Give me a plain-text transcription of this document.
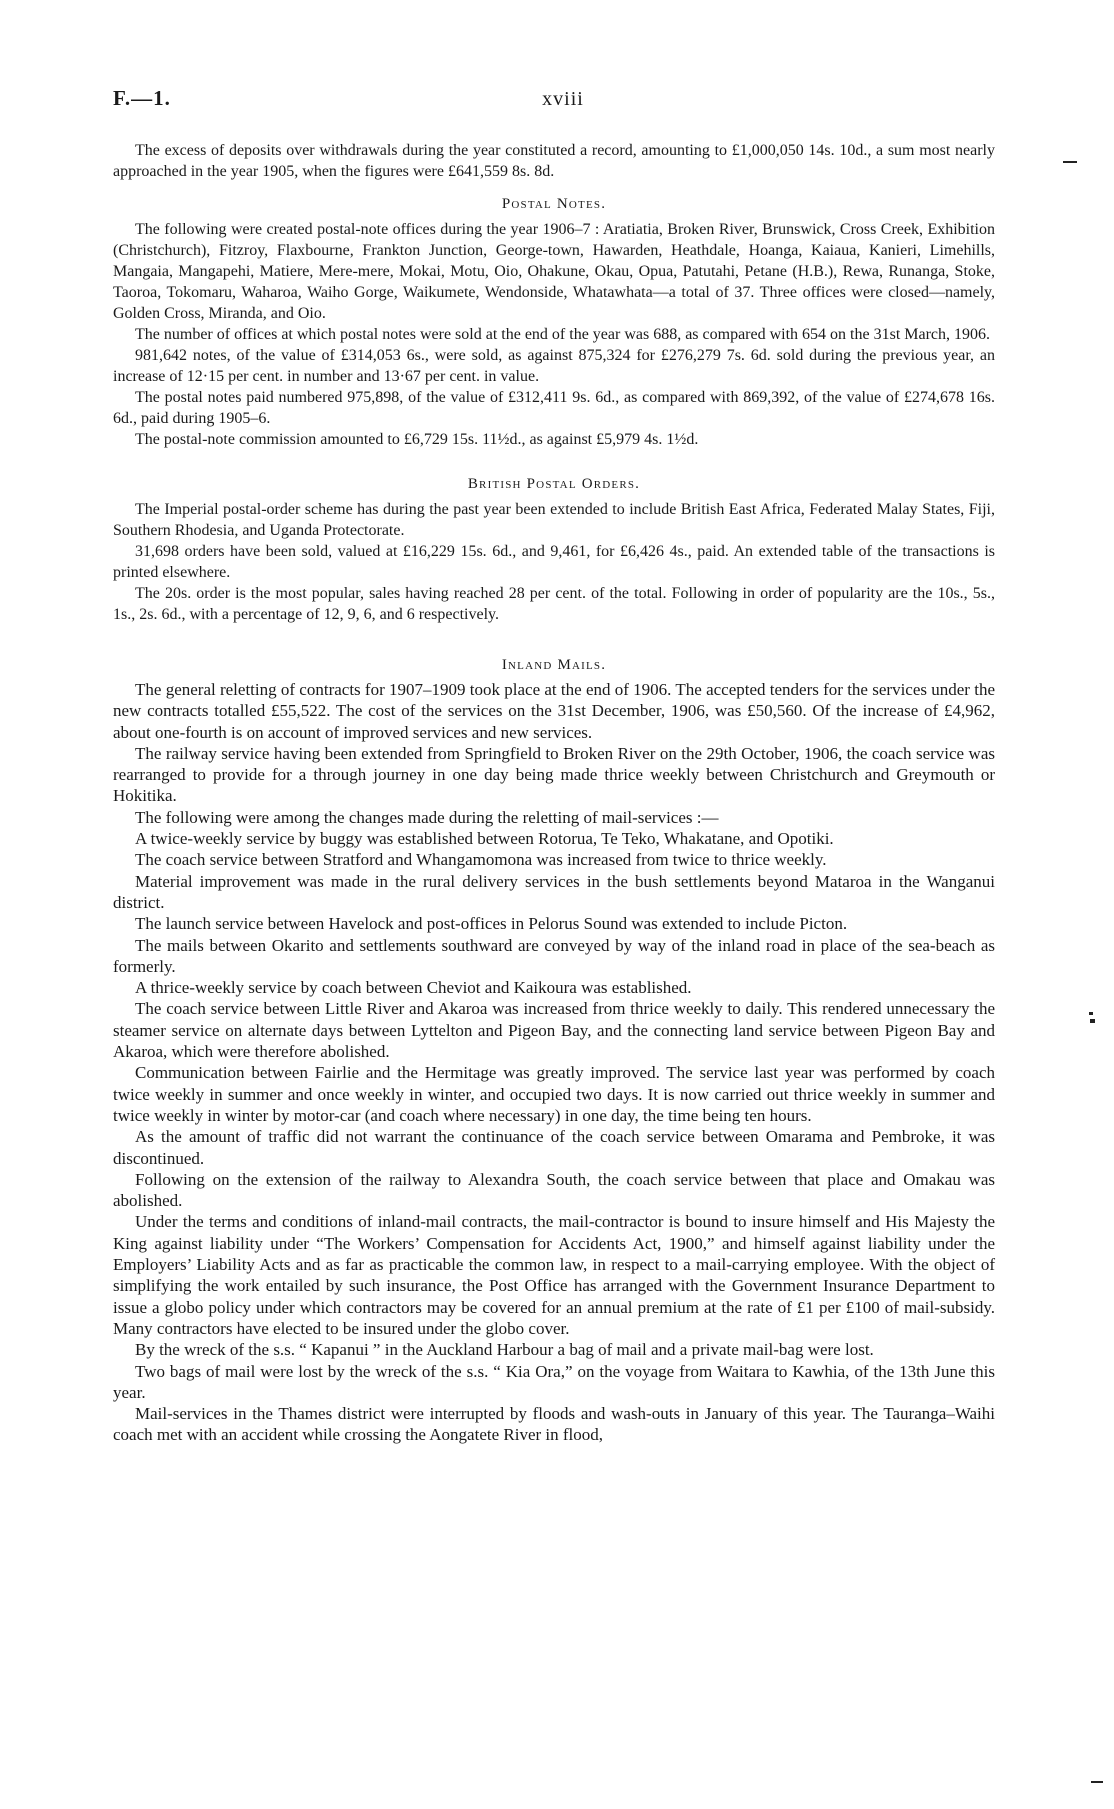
F.—1.	xviii

The excess of deposits over withdrawals during the year constituted a record, amounting to £1,000,050 14s. 10d., a sum most nearly approached in the year 1905, when the figures were £641,559 8s. 8d.

Postal Notes.

The following were created postal-note offices during the year 1906–7 : Aratiatia, Broken River, Brunswick, Cross Creek, Exhibition (Christchurch), Fitzroy, Flaxbourne, Frankton Junction, George-town, Hawarden, Heathdale, Hoanga, Kaiaua, Kanieri, Limehills, Mangaia, Mangapehi, Matiere, Mere-mere, Mokai, Motu, Oio, Ohakune, Okau, Opua, Patutahi, Petane (H.B.), Rewa, Runanga, Stoke, Taoroa, Tokomaru, Waharoa, Waiho Gorge, Waikumete, Wendonside, Whatawhata—a total of 37. Three offices were closed—namely, Golden Cross, Miranda, and Oio.

The number of offices at which postal notes were sold at the end of the year was 688, as compared with 654 on the 31st March, 1906.

981,642 notes, of the value of £314,053 6s., were sold, as against 875,324 for £276,279 7s. 6d. sold during the previous year, an increase of 12·15 per cent. in number and 13·67 per cent. in value.

The postal notes paid numbered 975,898, of the value of £312,411 9s. 6d., as compared with 869,392, of the value of £274,678 16s. 6d., paid during 1905–6.

The postal-note commission amounted to £6,729 15s. 11½d., as against £5,979 4s. 1½d.

British Postal Orders.

The Imperial postal-order scheme has during the past year been extended to include British East Africa, Federated Malay States, Fiji, Southern Rhodesia, and Uganda Protectorate.

31,698 orders have been sold, valued at £16,229 15s. 6d., and 9,461, for £6,426 4s., paid. An extended table of the transactions is printed elsewhere.

The 20s. order is the most popular, sales having reached 28 per cent. of the total. Following in order of popularity are the 10s., 5s., 1s., 2s. 6d., with a percentage of 12, 9, 6, and 6 respectively.

Inland Mails.

The general reletting of contracts for 1907–1909 took place at the end of 1906. The accepted tenders for the services under the new contracts totalled £55,522. The cost of the services on the 31st December, 1906, was £50,560. Of the increase of £4,962, about one-fourth is on account of improved services and new services.

The railway service having been extended from Springfield to Broken River on the 29th October, 1906, the coach service was rearranged to provide for a through journey in one day being made thrice weekly between Christchurch and Greymouth or Hokitika.

The following were among the changes made during the reletting of mail-services :—

A twice-weekly service by buggy was established between Rotorua, Te Teko, Whakatane, and Opotiki.

The coach service between Stratford and Whangamomona was increased from twice to thrice weekly.

Material improvement was made in the rural delivery services in the bush settlements beyond Mataroa in the Wanganui district.

The launch service between Havelock and post-offices in Pelorus Sound was extended to include Picton.

The mails between Okarito and settlements southward are conveyed by way of the inland road in place of the sea-beach as formerly.

A thrice-weekly service by coach between Cheviot and Kaikoura was established.

The coach service between Little River and Akaroa was increased from thrice weekly to daily. This rendered unnecessary the steamer service on alternate days between Lyttelton and Pigeon Bay, and the connecting land service between Pigeon Bay and Akaroa, which were therefore abolished.

Communication between Fairlie and the Hermitage was greatly improved. The service last year was performed by coach twice weekly in summer and once weekly in winter, and occupied two days. It is now carried out thrice weekly in summer and twice weekly in winter by motor-car (and coach where necessary) in one day, the time being ten hours.

As the amount of traffic did not warrant the continuance of the coach service between Omarama and Pembroke, it was discontinued.

Following on the extension of the railway to Alexandra South, the coach service between that place and Omakau was abolished.

Under the terms and conditions of inland-mail contracts, the mail-contractor is bound to insure himself and His Majesty the King against liability under “The Workers’ Compensation for Accidents Act, 1900,” and himself against liability under the Employers’ Liability Acts and as far as practicable the common law, in respect to a mail-carrying employee. With the object of simplifying the work entailed by such insurance, the Post Office has arranged with the Government Insurance Department to issue a globo policy under which contractors may be covered for an annual premium at the rate of £1 per £100 of mail-subsidy. Many contractors have elected to be insured under the globo cover.

By the wreck of the s.s. “ Kapanui ” in the Auckland Harbour a bag of mail and a private mail-bag were lost.

Two bags of mail were lost by the wreck of the s.s. “ Kia Ora,” on the voyage from Waitara to Kawhia, of the 13th June this year.

Mail-services in the Thames district were interrupted by floods and wash-outs in January of this year. The Tauranga–Waihi coach met with an accident while crossing the Aongatete River in flood,
